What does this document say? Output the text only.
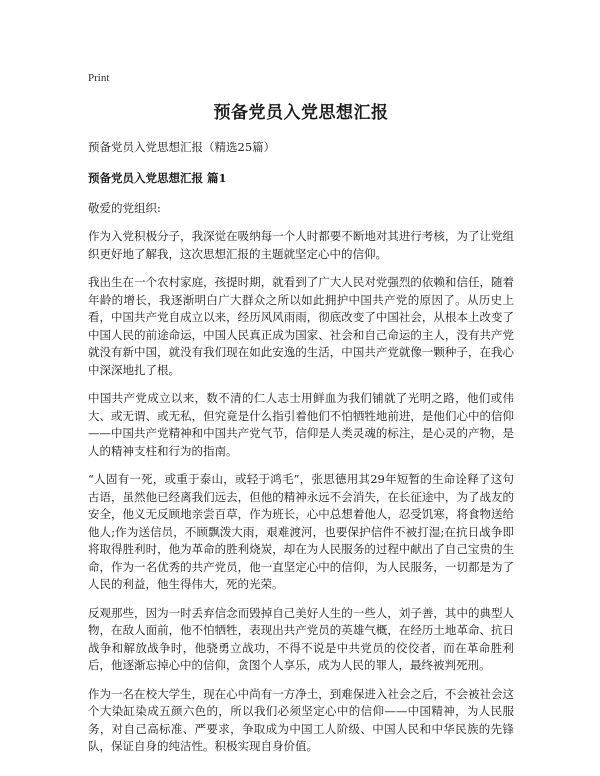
Print
预备党员入党思想汇报

预备党员入党思想汇报（精选25篇）

预备党员入党思想汇报 篇1

敬爱的党组织:

作为入党积极分子，我深觉在吸纳每一个人时都要不断地对其进行考核，为了让党组织更好地了解我，这次思想汇报的主题就坚定心中的信仰。

我出生在一个农村家庭，孩提时期，就看到了广大人民对党强烈的依赖和信任，随着年龄的增长，我逐渐明白广大群众之所以如此拥护中国共产党的原因了。从历史上看，中国共产党自成立以来，经历风风雨雨，彻底改变了中国社会，从根本上改变了中国人民的前途命运，中国人民真正成为国家、社会和自己命运的主人，没有共产党就没有新中国，就没有我们现在如此安逸的生活，中国共产党就像一颗种子，在我心中深深地扎了根。

中国共产党成立以来，数不清的仁人志士用鲜血为我们铺就了光明之路，他们或伟大、或无谓、或无私，但究竟是什么指引着他们不怕牺牲地前进，是他们心中的信仰——中国共产党精神和中国共产党气节，信仰是人类灵魂的标注，是心灵的产物，是人的精神支柱和行为的指南。

“人固有一死，或重于泰山，或轻于鸿毛”，张思德用其29年短暂的生命诠释了这句古语，虽然他已经离我们远去，但他的精神永远不会消失，在长征途中，为了战友的安全，他义无反顾地亲尝百草，作为班长，心中总想着他人，忍受饥寒，将食物送给他人;作为送信员，不顾飘泼大雨，艰难渡河，也要保护信件不被打湿;在抗日战争即将取得胜利时，他为革命的胜利烧炭，却在为人民服务的过程中献出了自己宝贵的生命，作为一名优秀的共产党员，他一直坚定心中的信仰，为人民服务，一切都是为了人民的利益，他生得伟大，死的光荣。

反观那些，因为一时丢弃信念而毁掉自己美好人生的一些人，刘子善，其中的典型人物，在敌人面前，他不怕牺牲，表现出共产党员的英雄气概，在经历土地革命、抗日战争和解放战争时，他骁勇立战功，不得不说是中共党员的佼佼者，而在革命胜利后，他逐渐忘掉心中的信仰，贪图个人享乐，成为人民的罪人，最终被判死刑。

作为一名在校大学生，现在心中尚有一方净土，到难保进入社会之后，不会被社会这个大染缸染成五颜六色的，所以我们必须坚定心中的信仰——中国精神，为人民服务，对自己高标准、严要求，争取成为中国工人阶级、中国人民和中华民族的先锋队，保证自身的纯洁性。积极实现自身价值。
